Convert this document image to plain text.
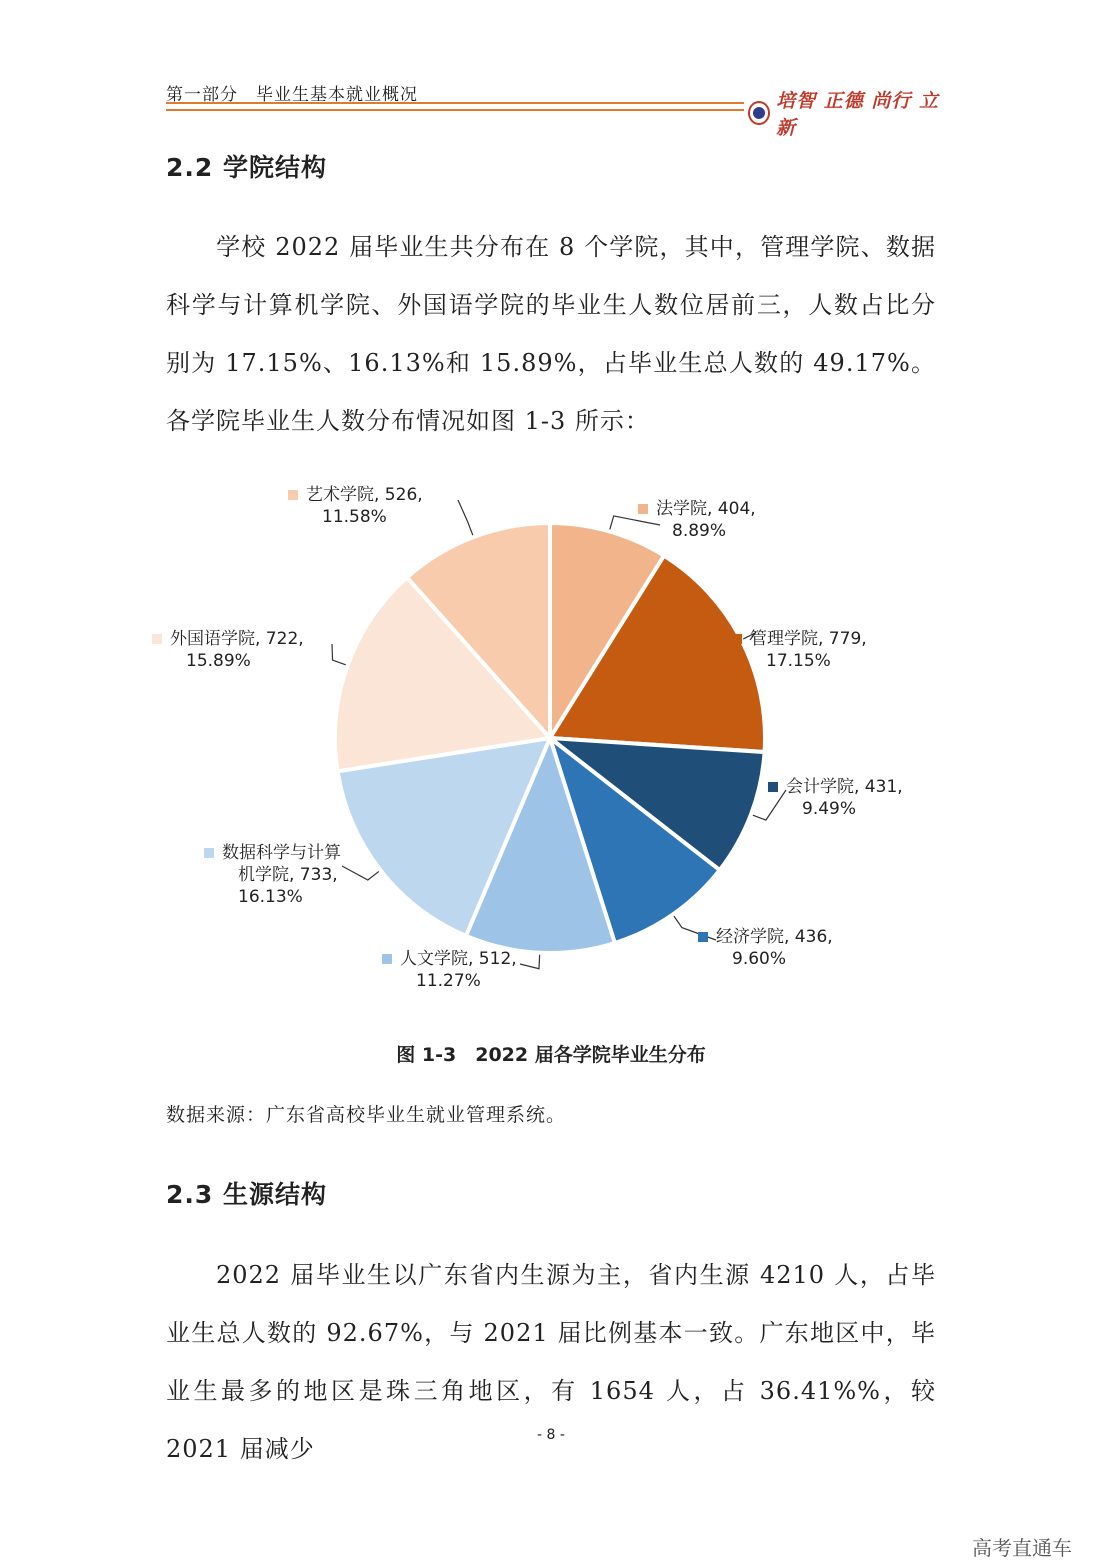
第一部分　毕业生基本就业概况	培智 正德 尚行 立新
2.2 学院结构

学校 2022 届毕业生共分布在 8 个学院，其中，管理学院、数据科学与计算机学院、外国语学院的毕业生人数位居前三，人数占比分别为 17.15%、16.13%和 15.89%，占毕业生总人数的 49.17%。各学院毕业生人数分布情况如图 1-3 所示：

法学院, 404,
8.89%
管理学院, 779,
17.15%
会计学院, 431,
9.49%
经济学院, 436,
9.60%
人文学院, 512,
11.27%
数据科学与计算
机学院, 733,
16.13%
外国语学院, 722,
15.89%
艺术学院, 526,
11.58%
图 1-3　2022 届各学院毕业生分布
数据来源：广东省高校毕业生就业管理系统。
2.3 生源结构

2022 届毕业生以广东省内生源为主，省内生源 4210 人，占毕业生总人数的 92.67%，与 2021 届比例基本一致。广东地区中，毕业生最多的地区是珠三角地区，有 1654 人，占 36.41%%，较 2021 届减少	- 8 -
高考直通车
